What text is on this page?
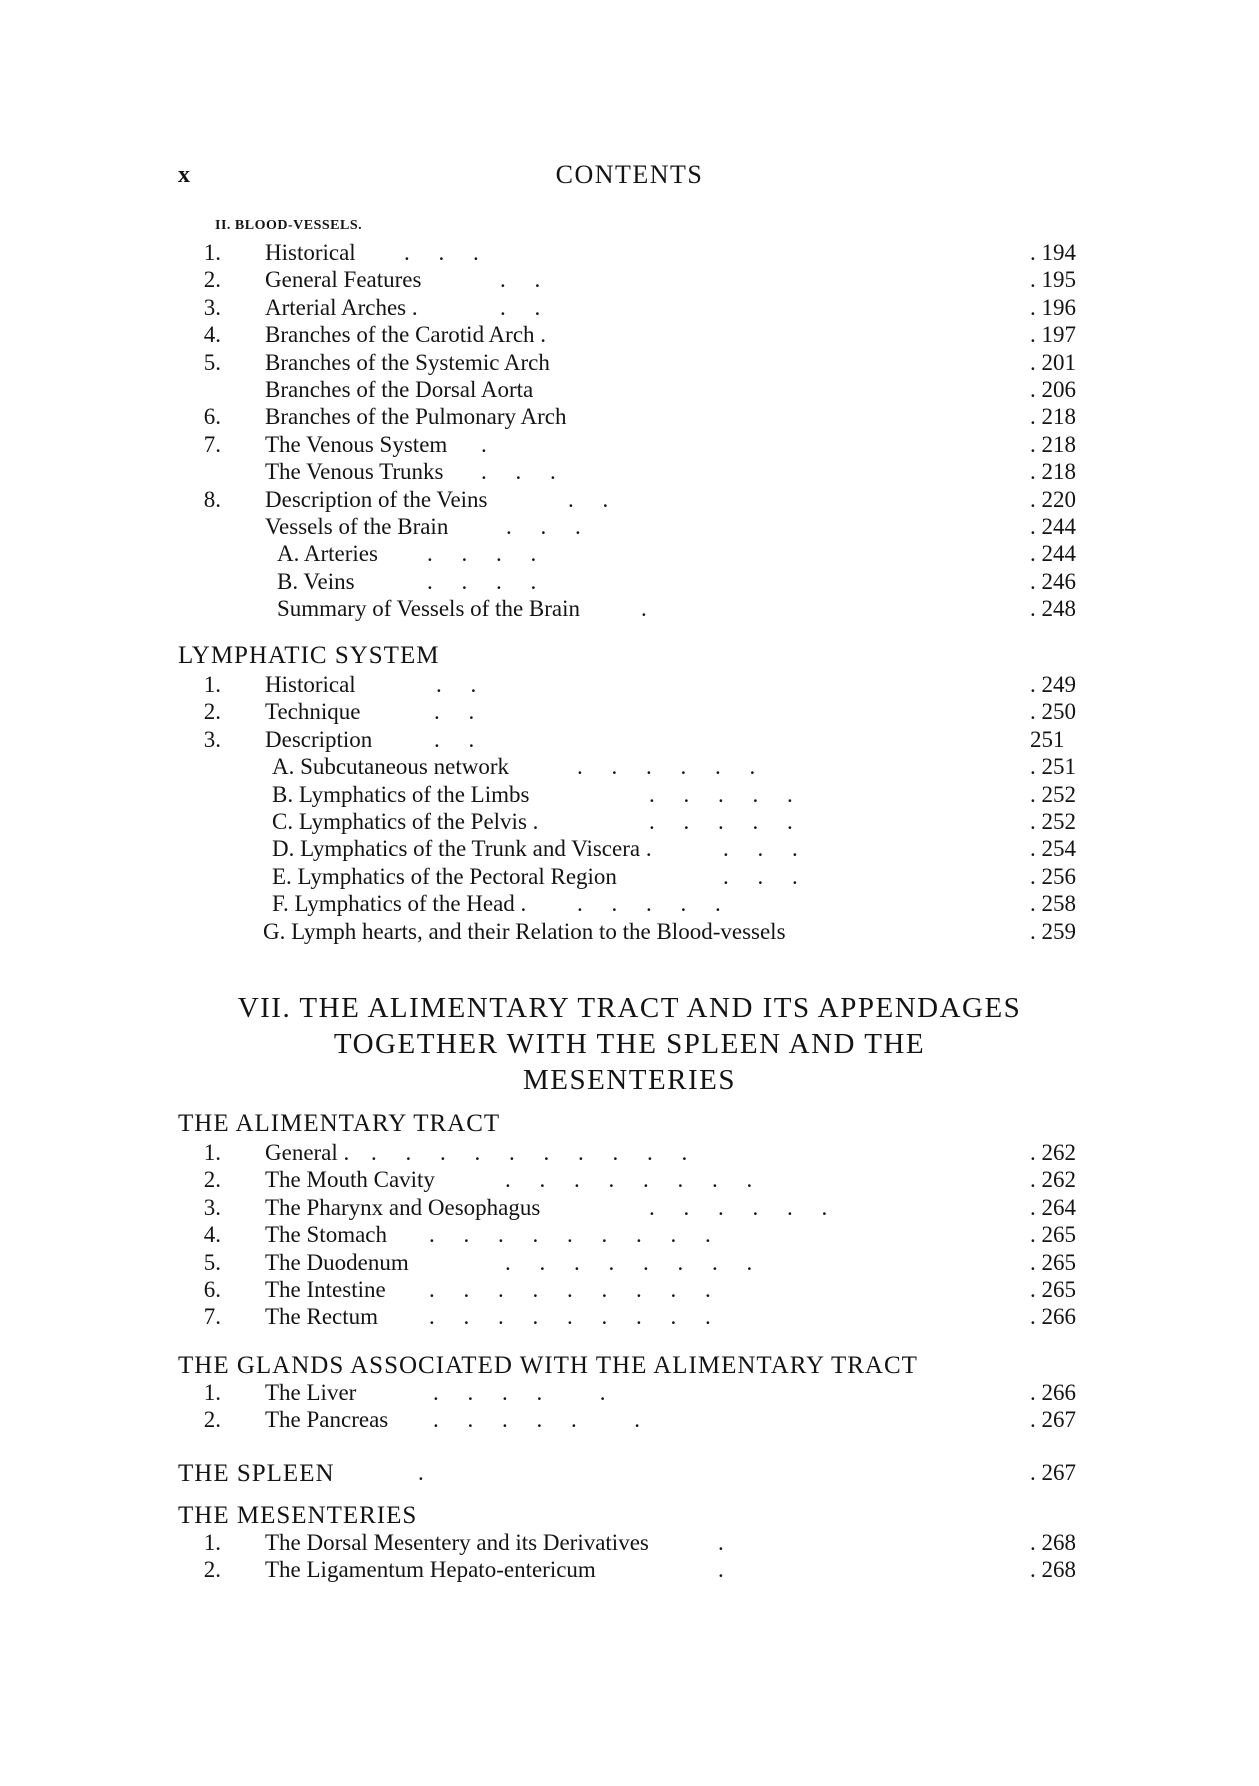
x	CONTENTS
II. BLOOD-VESSELS.
1. Historical .     .     .	. 194
2. General Features	.     .	. 195
3. Arterial Arches .	.     .	. 196
4. Branches of the Carotid Arch .	. 197
5. Branches of the Systemic Arch	. 201
Branches of the Dorsal Aorta	. 206
6. Branches of the Pulmonary Arch	. 218
7. The Venous System .	. 218
The Venous Trunks .     .     .	. 218
8. Description of the Veins	.     .	. 220
Vessels of the Brain	.     .     .	. 244
A. Arteries .     .     .     .	. 244
B. Veins	.     .     .     .	. 246
Summary of Vessels of the Brain	.	. 248
LYMPHATIC SYSTEM
1. Historical	.     .	. 249
2. Technique	.     .	. 250
3. Description	.     .	251
A. Subcutaneous network	.     .     .     .     .     .	. 251
B. Lymphatics of the Limbs	.     .     .     .     .	. 252
C. Lymphatics of the Pelvis .	.     .     .     .     .	. 252
D. Lymphatics of the Trunk and Viscera .	.     .     .	. 254
E. Lymphatics of the Pectoral Region	.     .     .	. 256
F. Lymphatics of the Head . .     .     .     .     .	. 258
G. Lymph hearts, and their Relation to the Blood-vessels	. 259
VII. THE ALIMENTARY TRACT AND ITS APPENDAGES
TOGETHER WITH THE SPLEEN AND THE
MESENTERIES
THE ALIMENTARY TRACT
1. General . .     .     .     .     .     .     .     .     .     .	. 262
2. The Mouth Cavity	.     .     .     .     .     .     .     .	. 262
3. The Pharynx and Oesophagus	.     .     .     .     .     .	. 264
4. The Stomach .     .     .     .     .     .     .     .     .	. 265
5. The Duodenum	.     .     .     .     .     .     .     .	. 265
6. The Intestine .     .     .     .     .     .     .     .     .	. 265
7. The Rectum .     .     .     .     .     .     .     .     .	. 266
THE GLANDS ASSOCIATED WITH THE ALIMENTARY TRACT
1. The Liver	.     .     .     .          .	. 266
2. The Pancreas .     .     .     .     .          .	. 267
THE SPLEEN	.	. 267
THE MESENTERIES
1. The Dorsal Mesentery and its Derivatives	.	. 268
2. The Ligamentum Hepato-entericum	.	. 268
